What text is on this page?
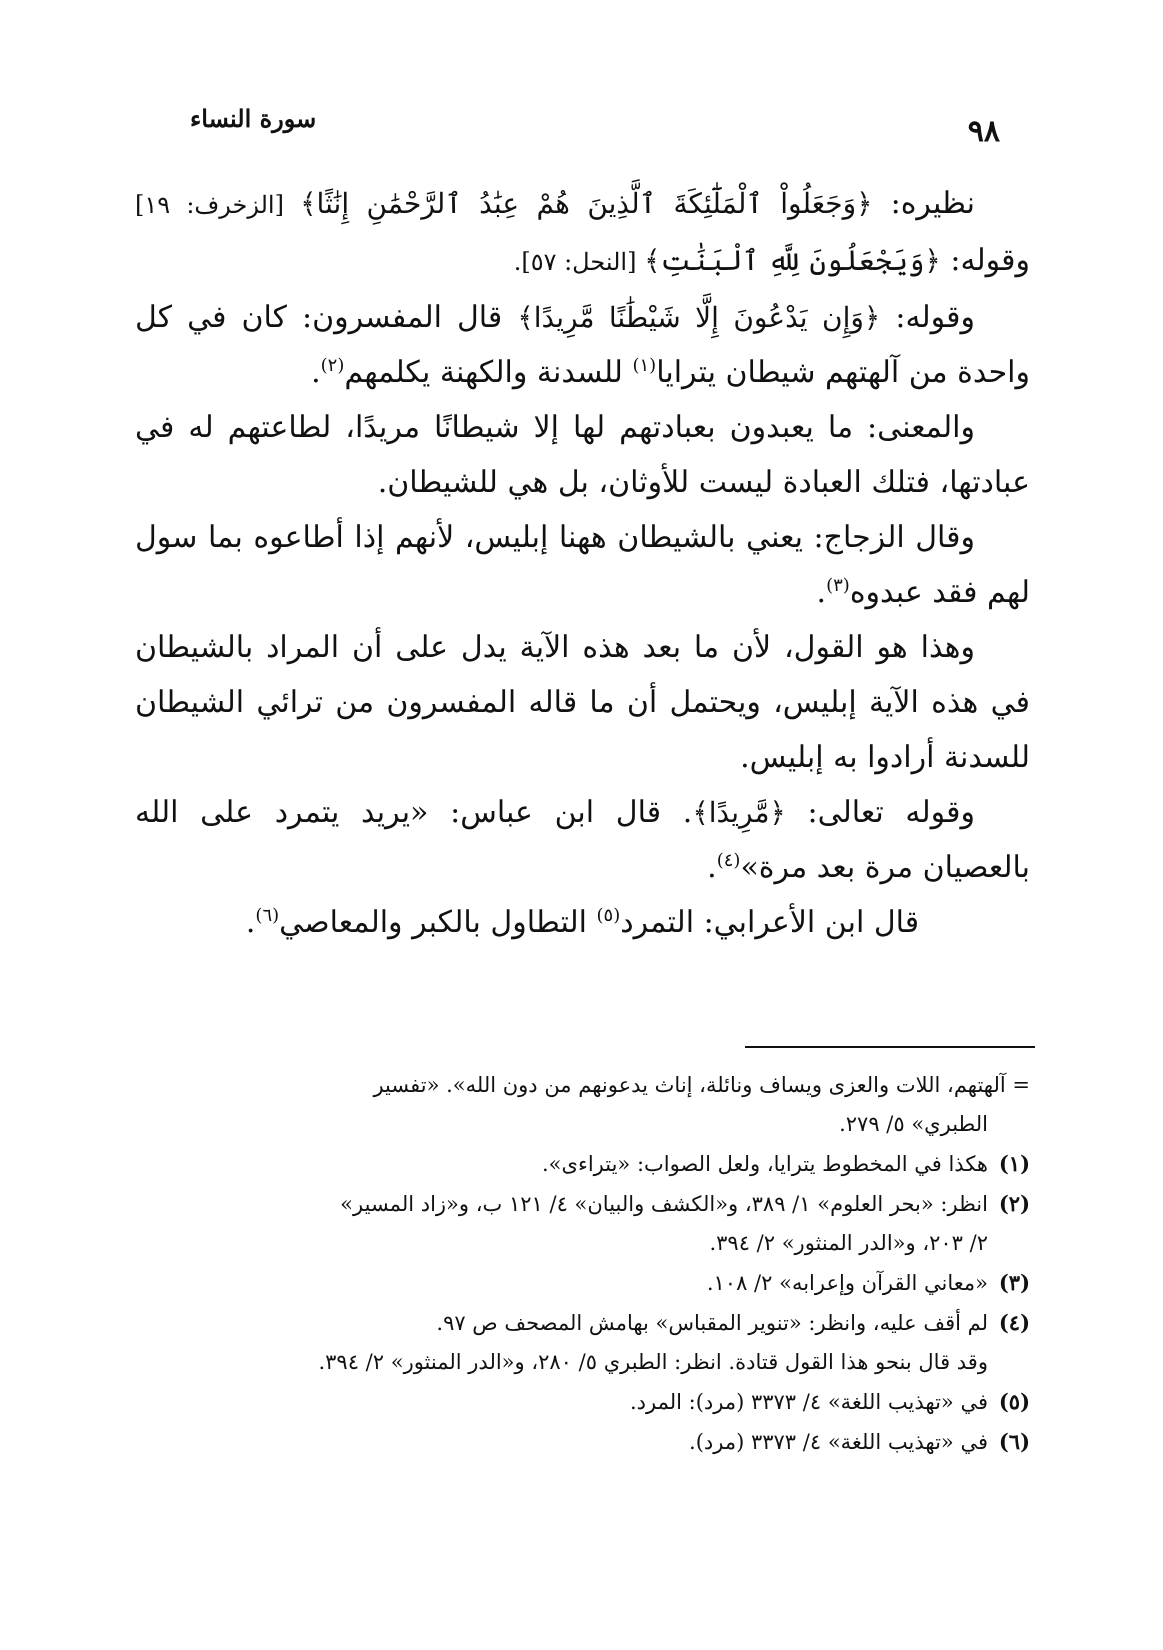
سورة النساء	٩٨

نظيره: ﴿وَجَعَلُواْ ٱلْمَلَٰٓئِكَةَ ٱلَّذِينَ هُمْ عِبَٰدُ ٱلرَّحْمَٰنِ إِنَٰثًا﴾ [الزخرف: ١٩] وقوله: ﴿وَيَجْعَلُونَ لِلَّهِ ٱلْبَنَٰتِ﴾ [النحل: ٥٧].

وقوله: ﴿وَإِن يَدْعُونَ إِلَّا شَيْطَٰنًا مَّرِيدًا﴾ قال المفسرون: كان في كل واحدة من آلهتهم شيطان يترايا$^{(١)}$ للسدنة والكهنة يكلمهم$^{(٢)}$.

والمعنى: ما يعبدون بعبادتهم لها إلا شيطانًا مريدًا، لطاعتهم له في عبادتها، فتلك العبادة ليست للأوثان، بل هي للشيطان.

وقال الزجاج: يعني بالشيطان ههنا إبليس، لأنهم إذا أطاعوه بما سول لهم فقد عبدوه$^{(٣)}$.

وهذا هو القول، لأن ما بعد هذه الآية يدل على أن المراد بالشيطان في هذه الآية إبليس، ويحتمل أن ما قاله المفسرون من ترائي الشيطان للسدنة أرادوا به إبليس.

وقوله تعالى: ﴿مَّرِيدًا﴾. قال ابن عباس: «يريد يتمرد على الله بالعصيان مرة بعد مرة»$^{(٤)}$.

قال ابن الأعرابي: التمرد$^{(٥)}$ التطاول بالكبر والمعاصي$^{(٦)}$.

= آلهتهم، اللات والعزى ويساف ونائلة، إناث يدعونهم من دون الله». «تفسير
الطبري» ٥/ ٢٧٩.
(١)هكذا في المخطوط يترايا، ولعل الصواب: «يتراءى».
(٢)انظر: «بحر العلوم» ١/ ٣٨٩، و«الكشف والبيان» ٤/ ١٢١ ب، و«زاد المسير»
٢/ ٢٠٣، و«الدر المنثور» ٢/ ٣٩٤.
(٣)«معاني القرآن وإعرابه» ٢/ ١٠٨.
(٤)لم أقف عليه، وانظر: «تنوير المقباس» بهامش المصحف ص ٩٧.
وقد قال بنحو هذا القول قتادة. انظر: الطبري ٥/ ٢٨٠، و«الدر المنثور» ٢/ ٣٩٤.
(٥)في «تهذيب اللغة» ٤/ ٣٣٧٣ (مرد): المرد.
(٦)في «تهذيب اللغة» ٤/ ٣٣٧٣ (مرد).
